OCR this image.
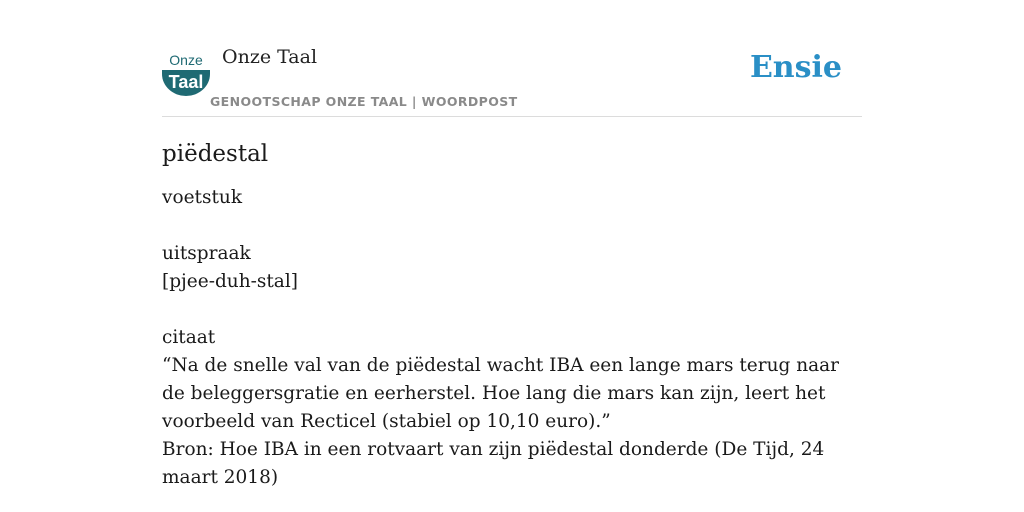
Onze
Taal
Onze Taal
GENOOTSCHAP ONZE TAAL | WOORDPOST
Ensie
piëdestal

voetstuk

uitspraak

[pjee-duh-stal]

citaat

“Na de snelle val van de piëdestal wacht IBA een lange mars terug naar de beleggersgratie en eerherstel. Hoe lang die mars kan zijn, leert het voorbeeld van Recticel (stabiel op 10,10 euro).”

Bron: Hoe IBA in een rotvaart van zijn piëdestal donderde (De Tijd, 24 maart 2018)
